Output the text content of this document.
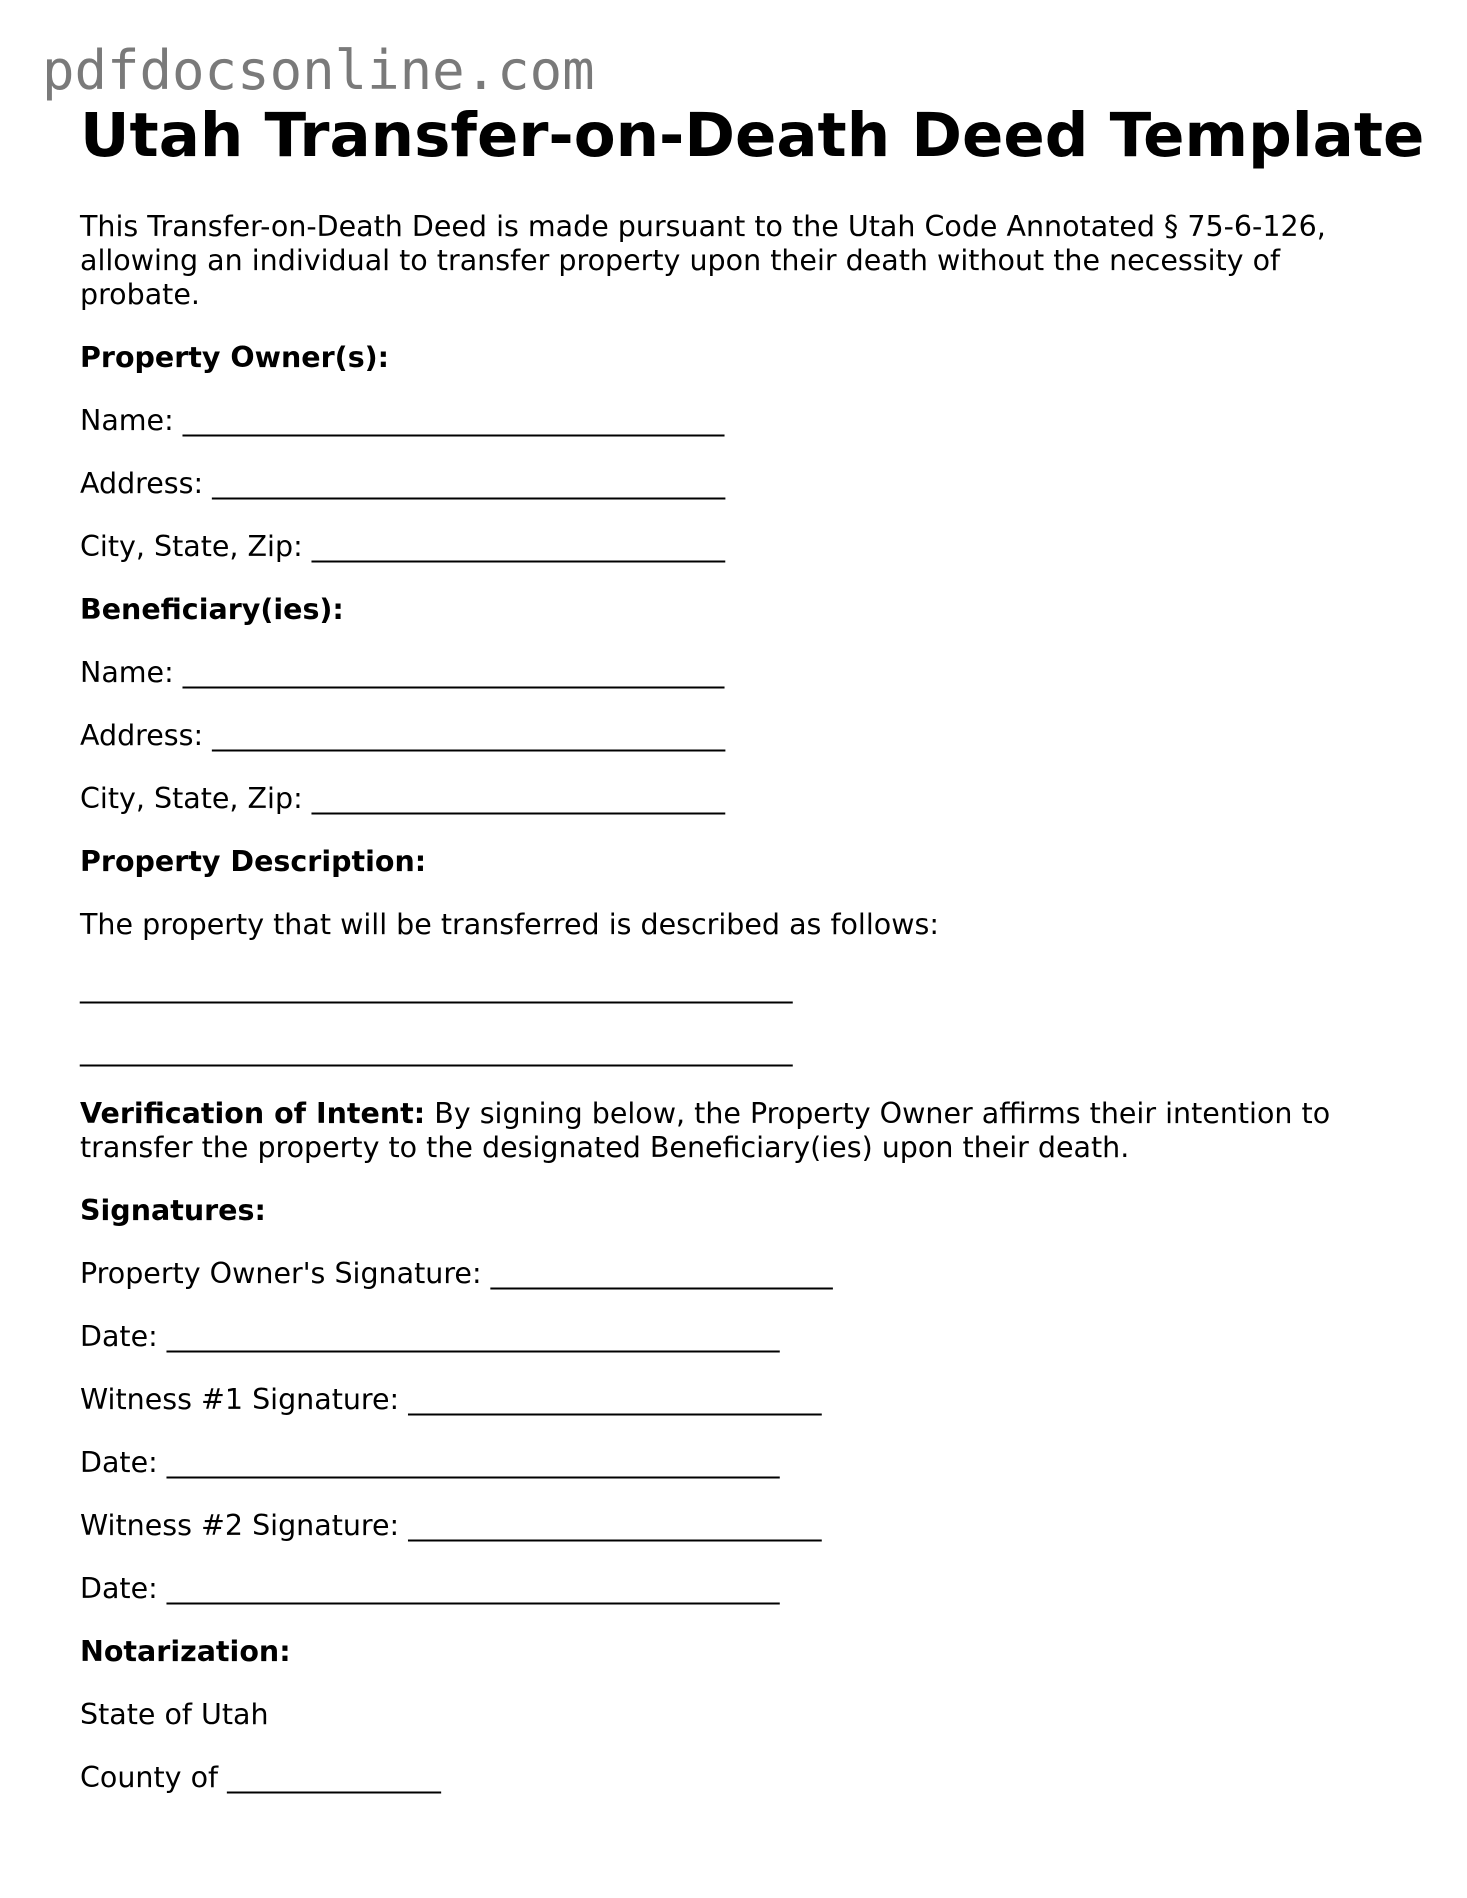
pdfdocsonline.com
Utah Transfer-on-Death Deed Template

This Transfer-on-Death Deed is made pursuant to the Utah Code Annotated § 75-6-126,
allowing an individual to transfer property upon their death without the necessity of
probate.

Property Owner(s):

Name: ______________________________________

Address: ____________________________________

City, State, Zip: _____________________________

Beneficiary(ies):

Name: ______________________________________

Address: ____________________________________

City, State, Zip: _____________________________

Property Description:

The property that will be transferred is described as follows:

__________________________________________________

__________________________________________________

Verification of Intent: By signing below, the Property Owner affirms their intention to
transfer the property to the designated Beneficiary(ies) upon their death.

Signatures:

Property Owner's Signature: ________________________

Date: ___________________________________________

Witness #1 Signature: _____________________________

Date: ___________________________________________

Witness #2 Signature: _____________________________

Date: ___________________________________________

Notarization:

State of Utah

County of _______________
